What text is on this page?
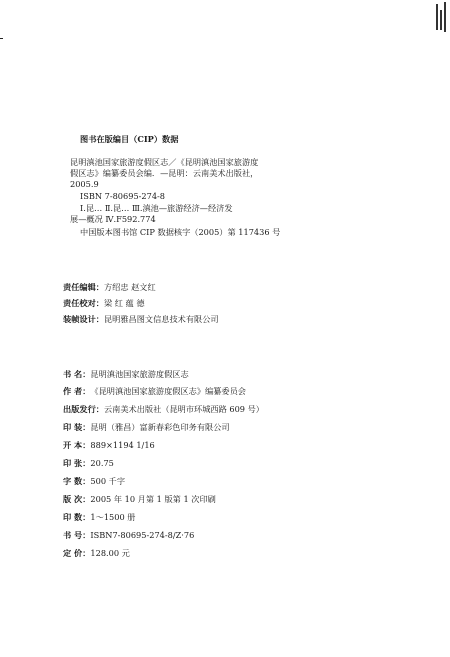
图书在版编目（CIP）数据
昆明滇池国家旅游度假区志／《昆明滇池国家旅游度
假区志》编纂委员会编．—昆明：云南美术出版社，
2005.9
ISBN 7-80695-274-8
Ⅰ.昆… Ⅱ.昆… Ⅲ.滇池—旅游经济—经济发
展—概况 Ⅳ.F592.774
中国版本图书馆 CIP 数据核字（2005）第 117436 号
责任编辑：方绍忠 赵文红
责任校对：梁 红 蕴 德
装帧设计：昆明雅昌图文信息技术有限公司
书 名：昆明滇池国家旅游度假区志
作 者：《昆明滇池国家旅游度假区志》编纂委员会
出版发行：云南美术出版社（昆明市环城西路 609 号）
印 装：昆明（雅昌）富新春彩色印务有限公司
开 本：889×1194 1/16
印 张：20.75
字 数：500 千字
版 次：2005 年 10 月第 1 版第 1 次印刷
印 数：1～1500 册
书 号：ISBN7-80695-274-8/Z·76
定 价：128.00 元
